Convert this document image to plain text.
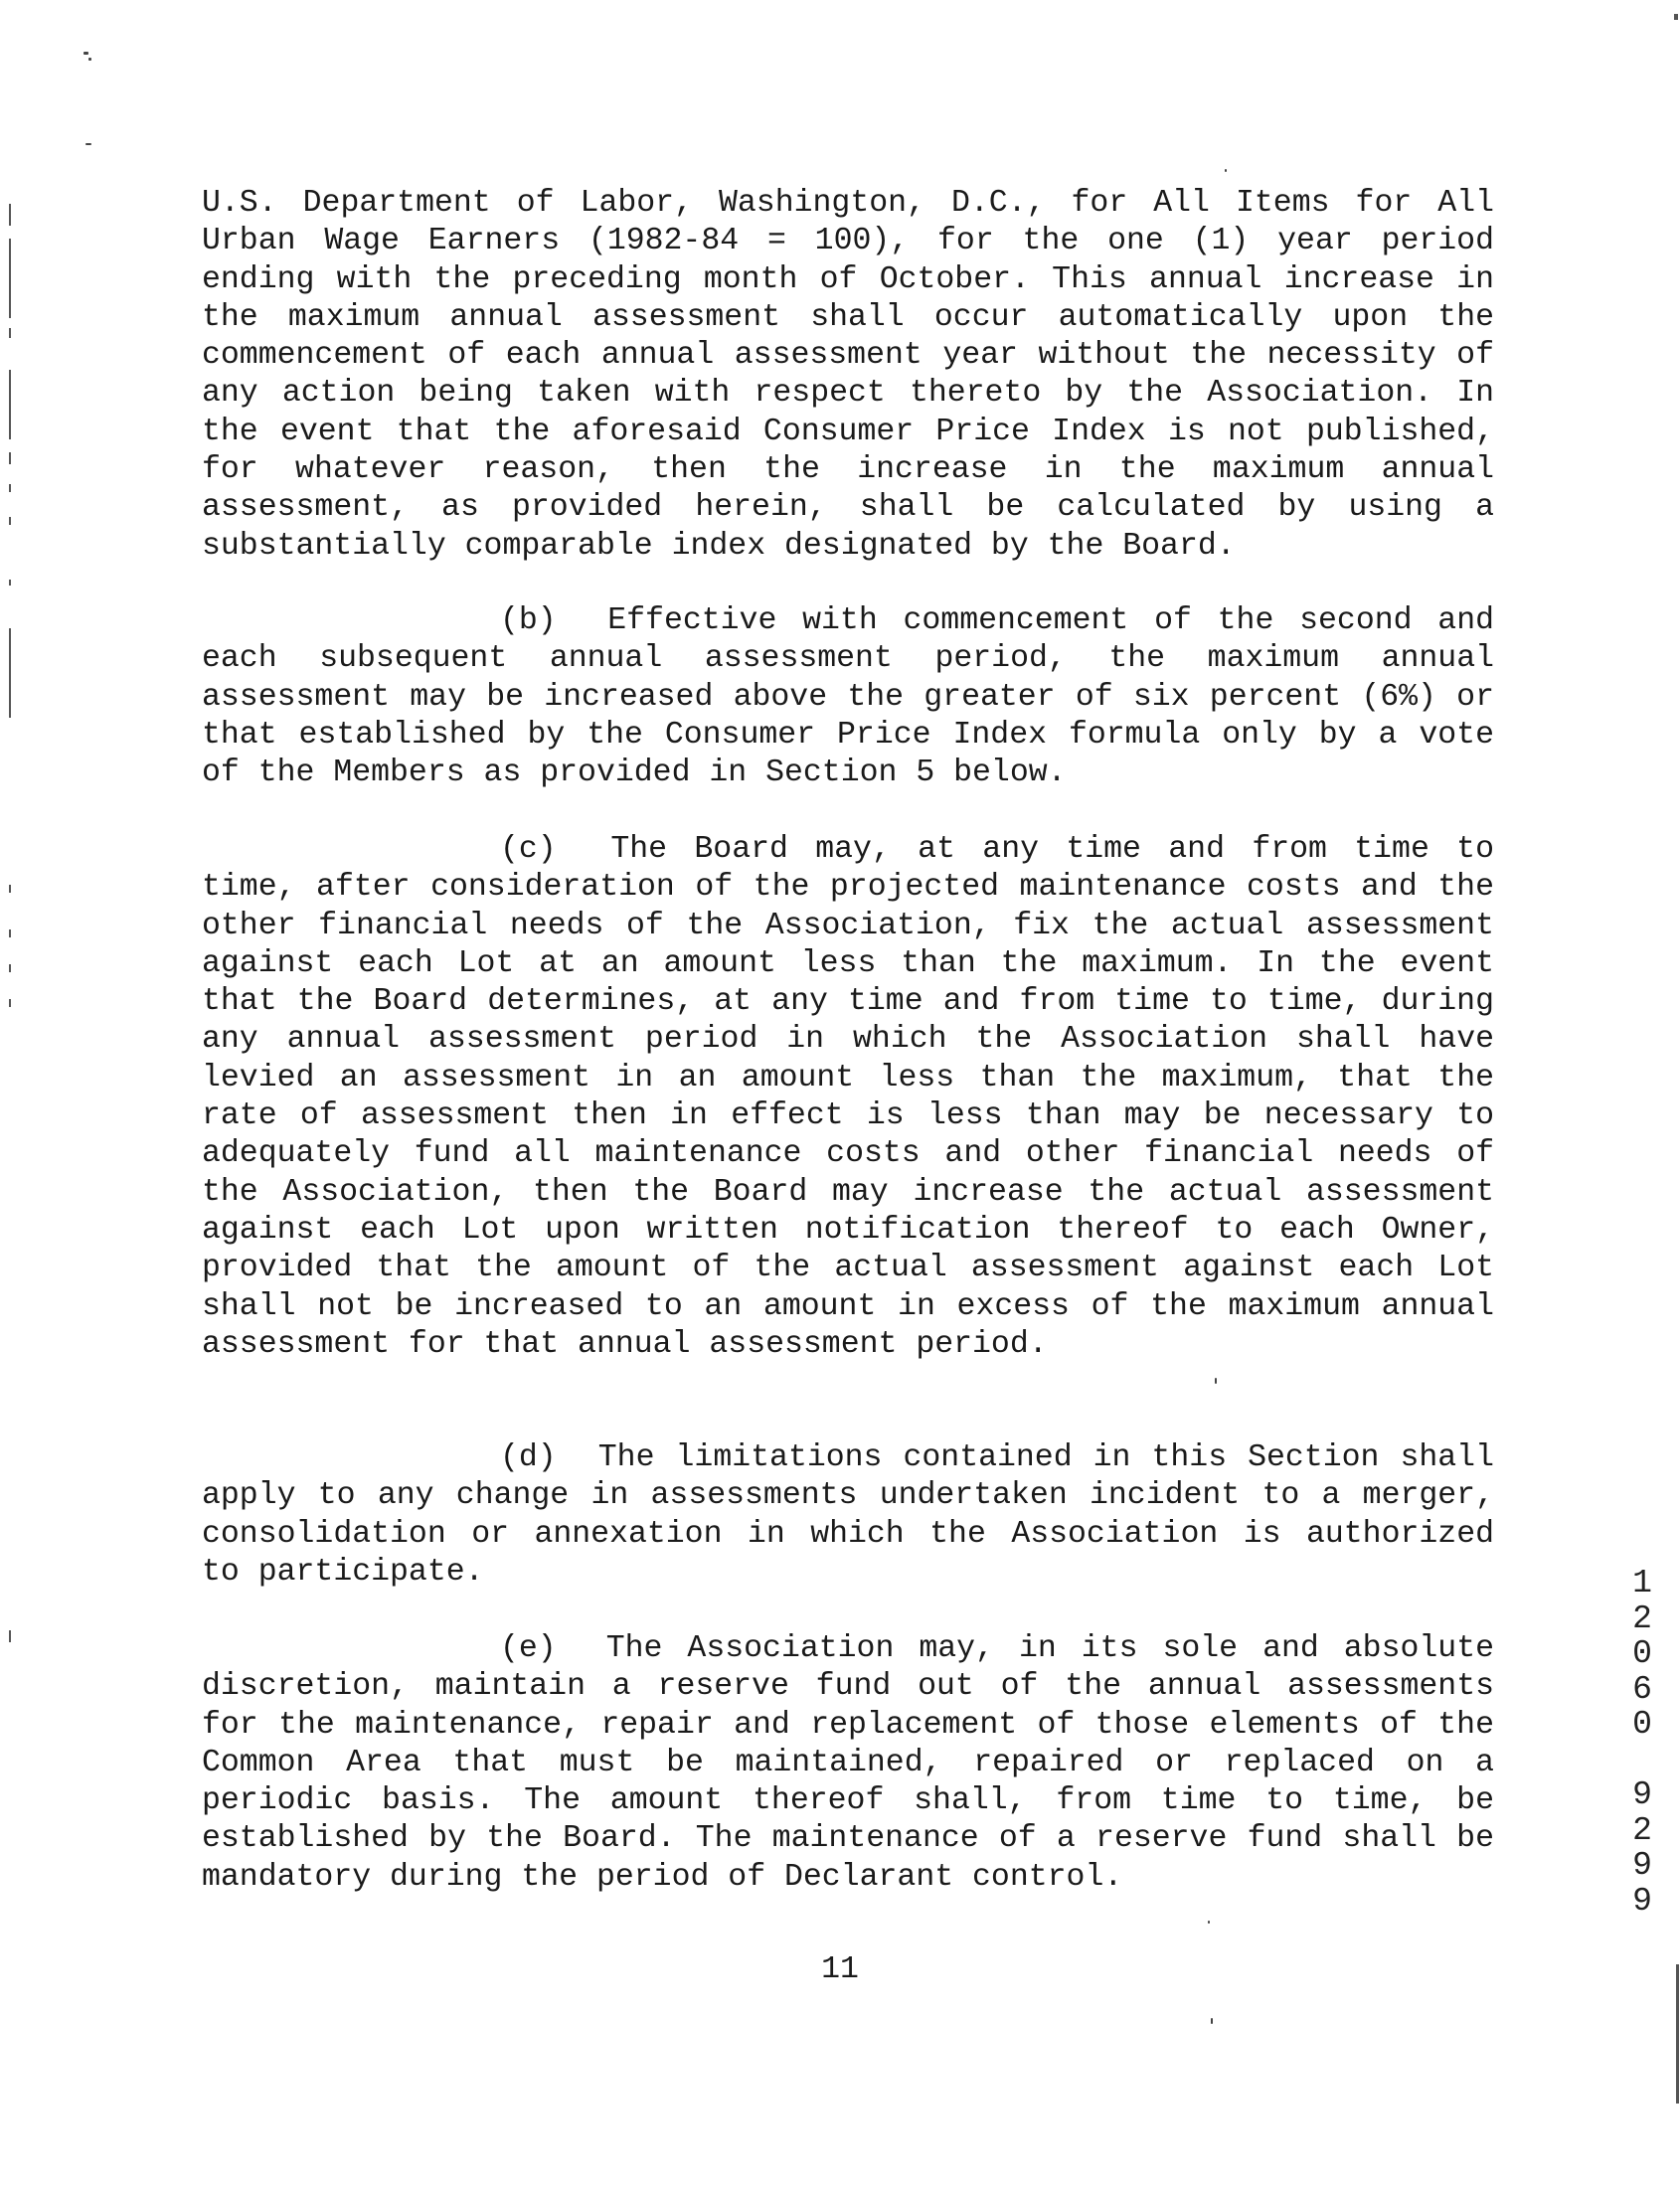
U.S. Department of Labor, Washington, D.C., for All Items for All Urban Wage Earners (1982-84 = 100), for the one (1) year period ending with the preceding month of October. This annual increase in the maximum annual assessment shall occur automatically upon the commencement of each annual assessment year without the necessity of any action being taken with respect thereto by the Association. In the event that the aforesaid Consumer Price Index is not published, for whatever reason, then the increase in the maximum annual assessment, as provided herein, shall be calculated by using a substantially comparable index designated by the Board.
(b) Effective with commencement of the second and each subsequent annual assessment period, the maximum annual assessment may be increased above the greater of six percent (6%) or that established by the Consumer Price Index formula only by a vote of the Members as provided in Section 5 below.
(c) The Board may, at any time and from time to time, after consideration of the projected maintenance costs and the other financial needs of the Association, fix the actual assessment against each Lot at an amount less than the maximum. In the event that the Board determines, at any time and from time to time, during any annual assessment period in which the Association shall have levied an assessment in an amount less than the maximum, that the rate of assessment then in effect is less than may be necessary to adequately fund all maintenance costs and other financial needs of the Association, then the Board may increase the actual assessment against each Lot upon written notification thereof to each Owner, provided that the amount of the actual assessment against each Lot shall not be increased to an amount in excess of the maximum annual assessment for that annual assessment period.
(d) The limitations contained in this Section shall apply to any change in assessments undertaken incident to a merger, consolidation or annexation in which the Association is authorized to participate.
(e) The Association may, in its sole and absolute discretion, maintain a reserve fund out of the annual assessments for the maintenance, repair and replacement of those elements of the Common Area that must be maintained, repaired or replaced on a periodic basis. The amount thereof shall, from time to time, be established by the Board. The maintenance of a reserve fund shall be mandatory during the period of Declarant control.
11
1
2
0
6
0

9
2
9
9
